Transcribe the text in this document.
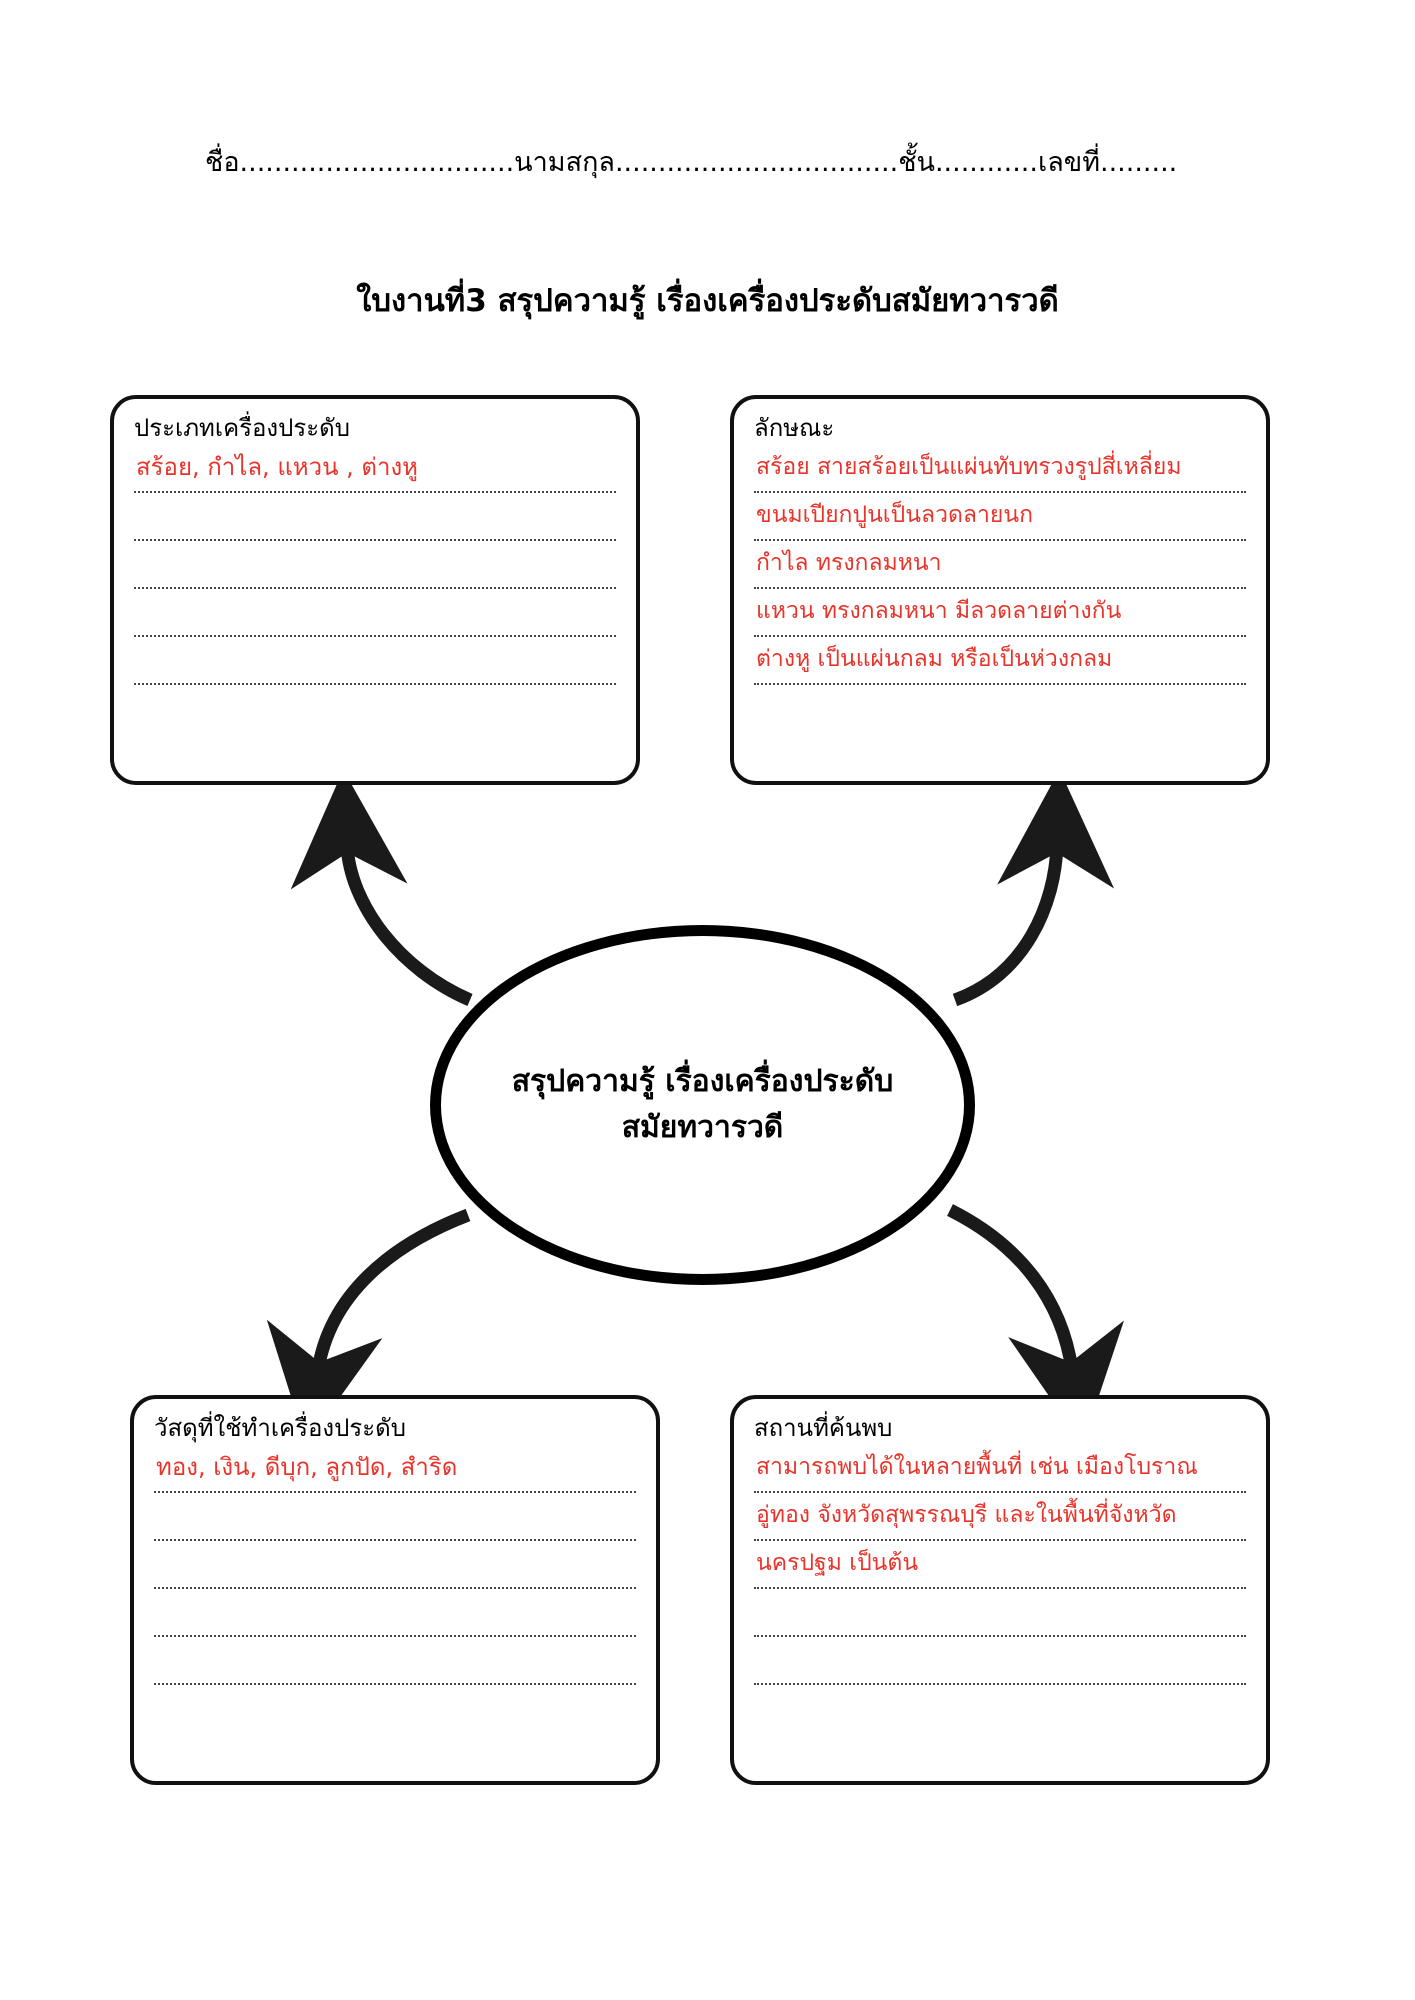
ชื่อ................................นามสกุล.................................ชั้น............เลขที่.........
ใบงานที่3 สรุปความรู้ เรื่องเครื่องประดับสมัยทวารวดี
ประเภทเครื่องประดับ
สร้อย, กำไล, แหวน , ต่างหู
ลักษณะ
สร้อย สายสร้อยเป็นแผ่นทับทรวงรูปสี่เหลี่ยม
ขนมเปียกปูนเป็นลวดลายนก
กำไล ทรงกลมหนา
แหวน ทรงกลมหนา มีลวดลายต่างกัน
ต่างหู เป็นแผ่นกลม หรือเป็นห่วงกลม
สรุปความรู้ เรื่องเครื่องประดับ
สมัยทวารวดี
วัสดุที่ใช้ทำเครื่องประดับ
ทอง, เงิน, ดีบุก, ลูกปัด, สำริด
สถานที่ค้นพบ
สามารถพบได้ในหลายพื้นที่ เช่น เมืองโบราณ
อู่ทอง จังหวัดสุพรรณบุรี และในพื้นที่จังหวัด
นครปฐม เป็นต้น
